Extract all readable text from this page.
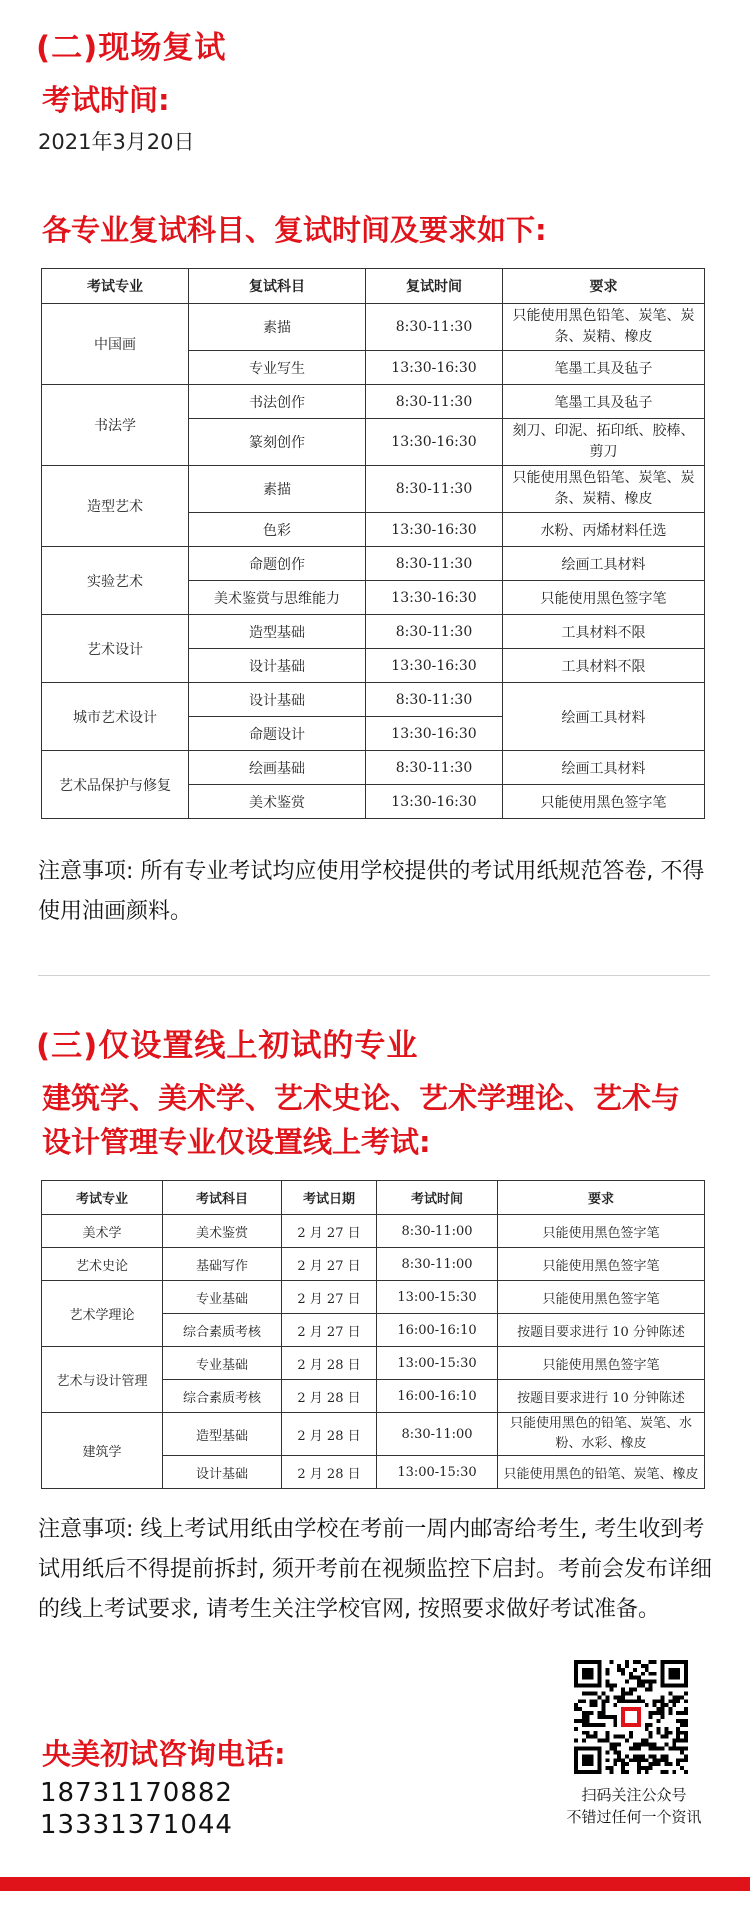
(二)现场复试
考试时间:
2021年3月20日
各专业复试科目、复试时间及要求如下:
考试专业	复试科目	复试时间	要求
中国画	素描	8:30-11:30	只能使用黑色铅笔、炭笔、炭条、炭精、橡皮
	专业写生	13:30-16:30	笔墨工具及毡子
书法学	书法创作	8:30-11:30	笔墨工具及毡子
	篆刻创作	13:30-16:30	刻刀、印泥、拓印纸、胶棒、剪刀
造型艺术	素描	8:30-11:30	只能使用黑色铅笔、炭笔、炭条、炭精、橡皮
	色彩	13:30-16:30	水粉、丙烯材料任选
实验艺术	命题创作	8:30-11:30	绘画工具材料
	美术鉴赏与思维能力	13:30-16:30	只能使用黑色签字笔
艺术设计	造型基础	8:30-11:30	工具材料不限
	设计基础	13:30-16:30	工具材料不限
城市艺术设计	设计基础	8:30-11:30	绘画工具材料
	命题设计	13:30-16:30	
艺术品保护与修复	绘画基础	8:30-11:30	绘画工具材料
	美术鉴赏	13:30-16:30	只能使用黑色签字笔
注意事项: 所有专业考试均应使用学校提供的考试用纸规范答卷, 不得使用油画颜料。
(三)仅设置线上初试的专业
建筑学、美术学、艺术史论、艺术学理论、艺术与
设计管理专业仅设置线上考试:
考试专业	考试科目	考试日期	考试时间	要求
美术学	美术鉴赏	2 月 27 日	8:30-11:00	只能使用黑色签字笔
艺术史论	基础写作	2 月 27 日	8:30-11:00	只能使用黑色签字笔
艺术学理论	专业基础	2 月 27 日	13:00-15:30	只能使用黑色签字笔
	综合素质考核	2 月 27 日	16:00-16:10	按题目要求进行 10 分钟陈述
艺术与设计管理	专业基础	2 月 28 日	13:00-15:30	只能使用黑色签字笔
	综合素质考核	2 月 28 日	16:00-16:10	按题目要求进行 10 分钟陈述
建筑学	造型基础	2 月 28 日	8:30-11:00	只能使用黑色的铅笔、炭笔、水粉、水彩、橡皮
	设计基础	2 月 28 日	13:00-15:30	只能使用黑色的铅笔、炭笔、橡皮
注意事项: 线上考试用纸由学校在考前一周内邮寄给考生, 考生收到考试用纸后不得提前拆封, 须开考前在视频监控下启封。考前会发布详细的线上考试要求, 请考生关注学校官网, 按照要求做好考试准备。
央美初试咨询电话:
18731170882
13331371044
扫码关注公众号
不错过任何一个资讯
